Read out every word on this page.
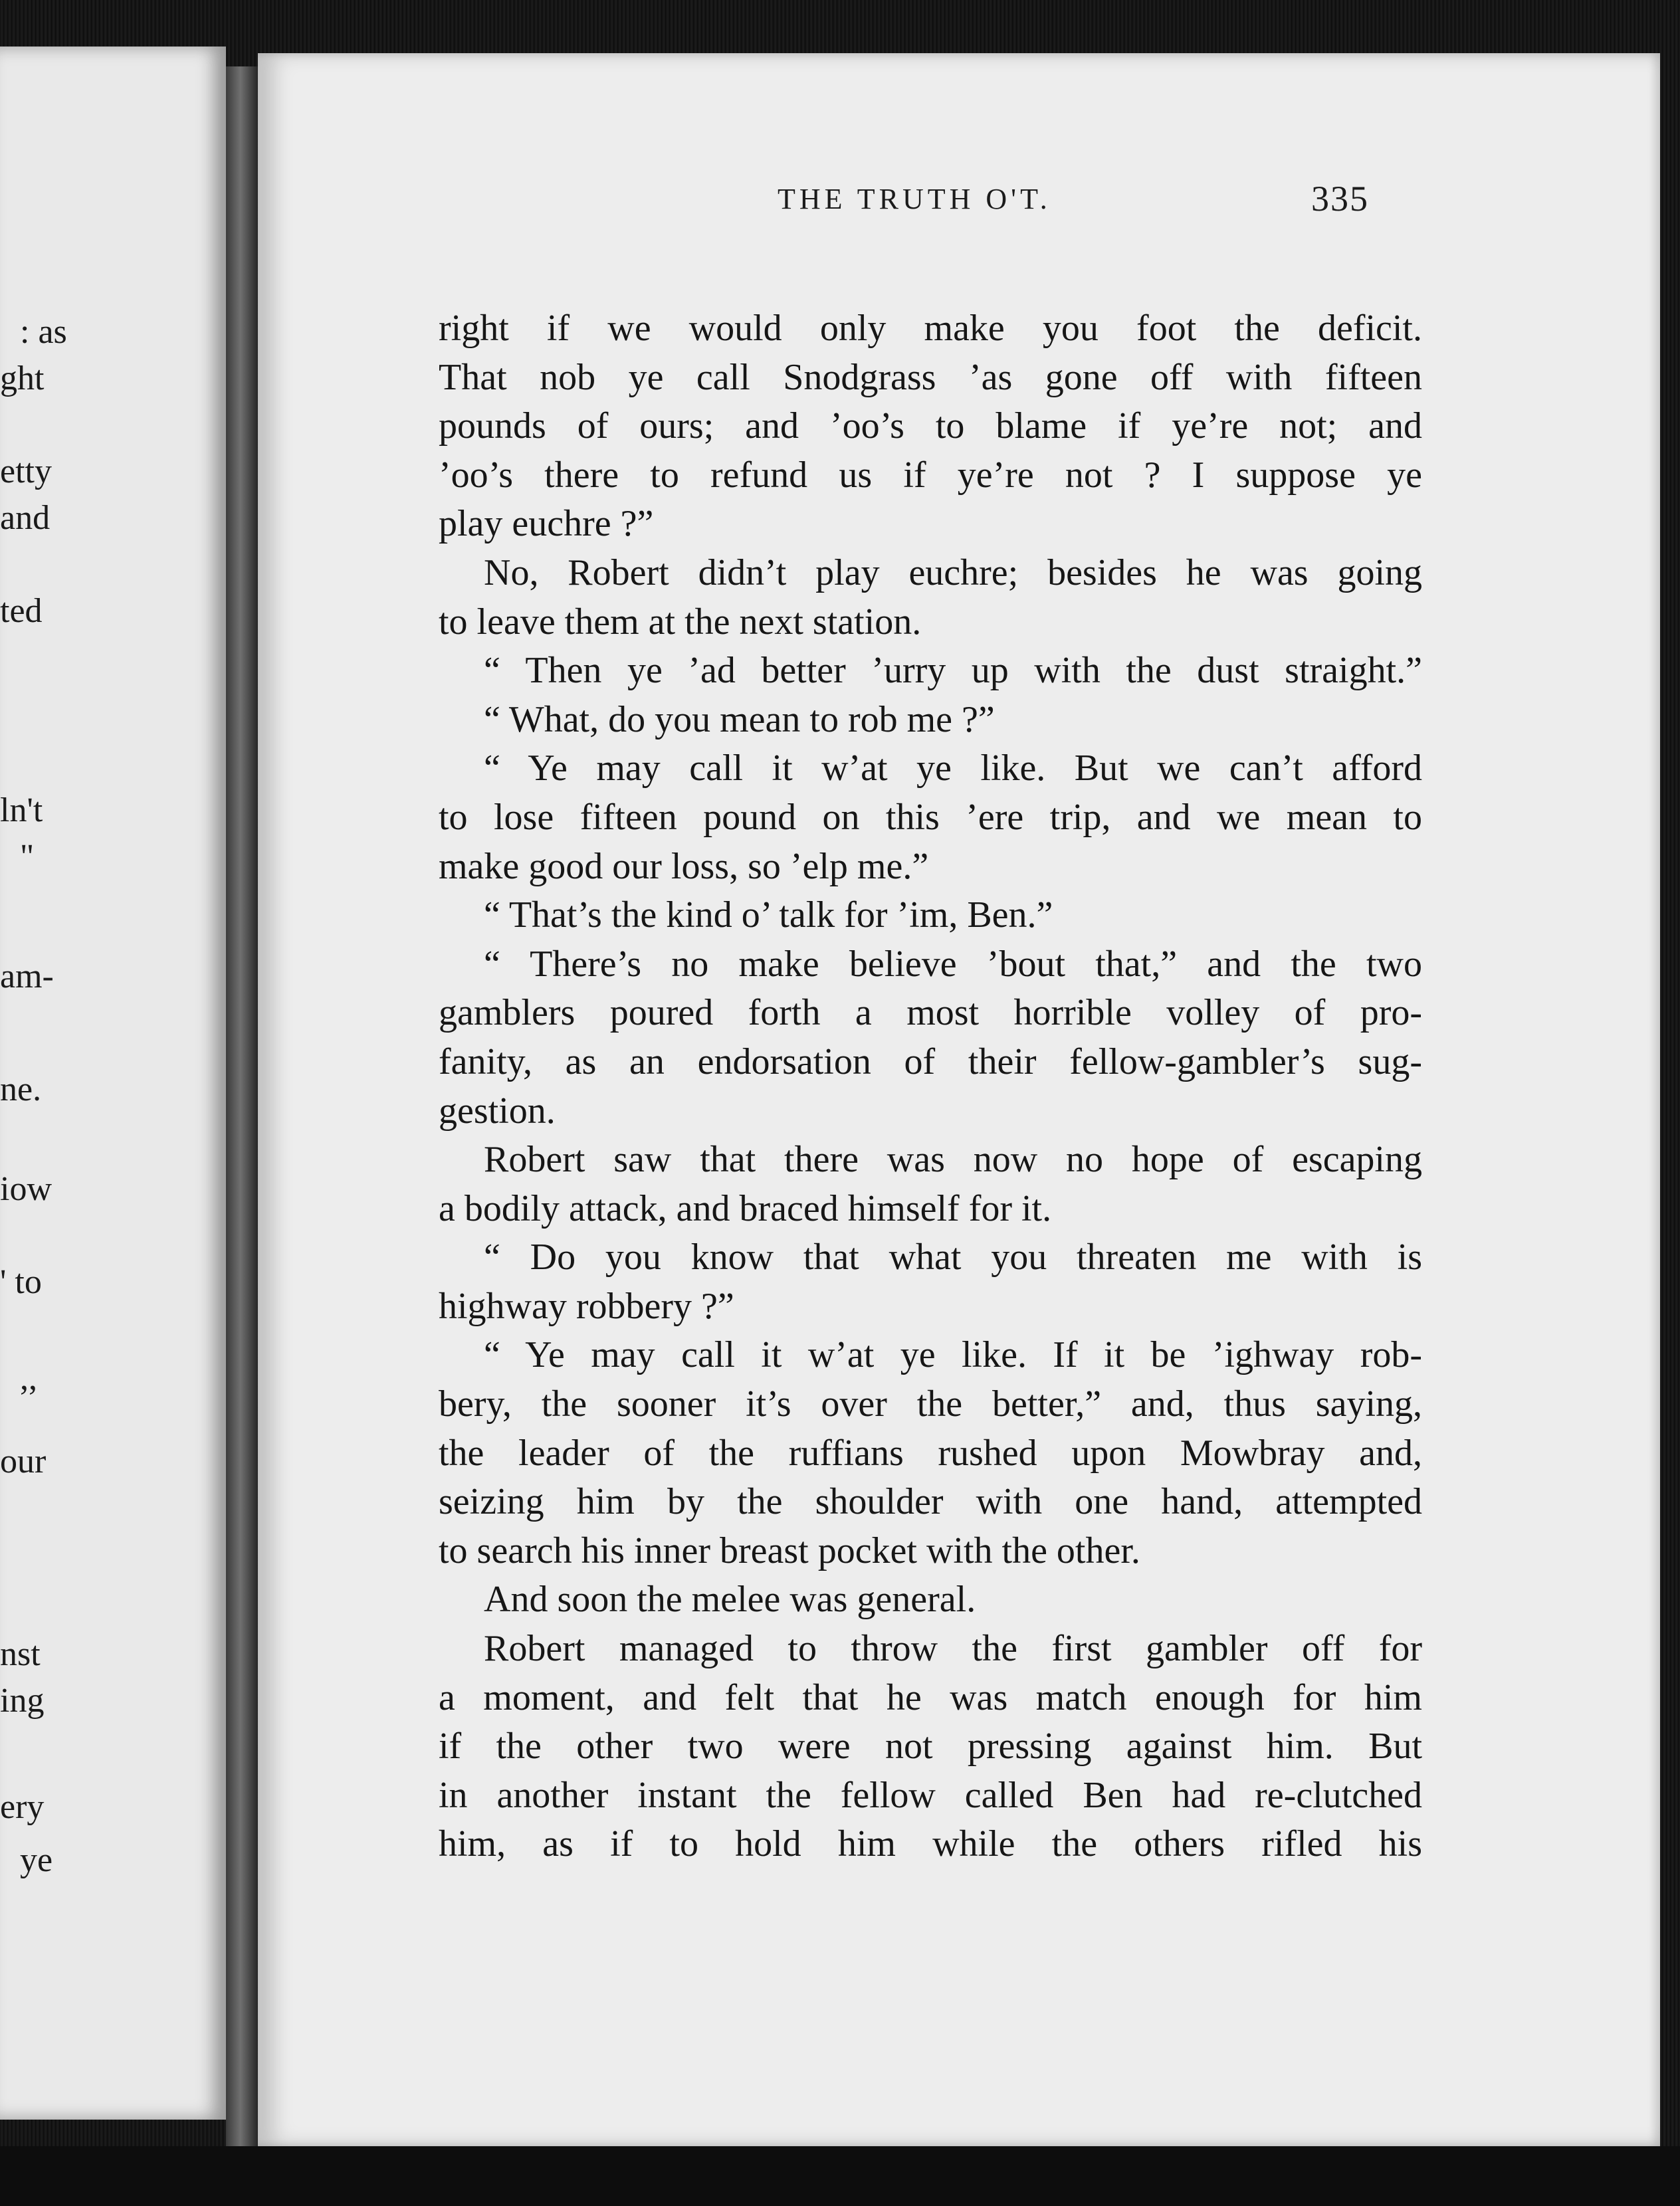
: as
ght
etty
and
ted
ln't
"
am-
ne.
iow
' to
,,
our
nst
ing
ery
ye
THE TRUTH O'T.	335
right if we would only make you foot the deficit.
That nob ye call Snodgrass ’as gone off with fifteen
pounds of ours; and ’oo’s to blame if ye’re not; and
’oo’s there to refund us if ye’re not ? I suppose ye
play euchre ?”
No, Robert didn’t play euchre; besides he was going
to leave them at the next station.
“ Then ye ’ad better ’urry up with the dust straight.”
“ What, do you mean to rob me ?”
“ Ye may call it w’at ye like. But we can’t afford
to lose fifteen pound on this ’ere trip, and we mean to
make good our loss, so ’elp me.”
“ That’s the kind o’ talk for ’im, Ben.”
“ There’s no make believe ’bout that,” and the two
gamblers poured forth a most horrible volley of pro-
fanity, as an endorsation of their fellow-gambler’s sug-
gestion.
Robert saw that there was now no hope of escaping
a bodily attack, and braced himself for it.
“ Do you know that what you threaten me with is
highway robbery ?”
“ Ye may call it w’at ye like. If it be ’ighway rob-
bery, the sooner it’s over the better,” and, thus saying,
the leader of the ruffians rushed upon Mowbray and,
seizing him by the shoulder with one hand, attempted
to search his inner breast pocket with the other.
And soon the melee was general.
Robert managed to throw the first gambler off for
a moment, and felt that he was match enough for him
if the other two were not pressing against him. But
in another instant the fellow called Ben had re-clutched
him, as if to hold him while the others rifled his
